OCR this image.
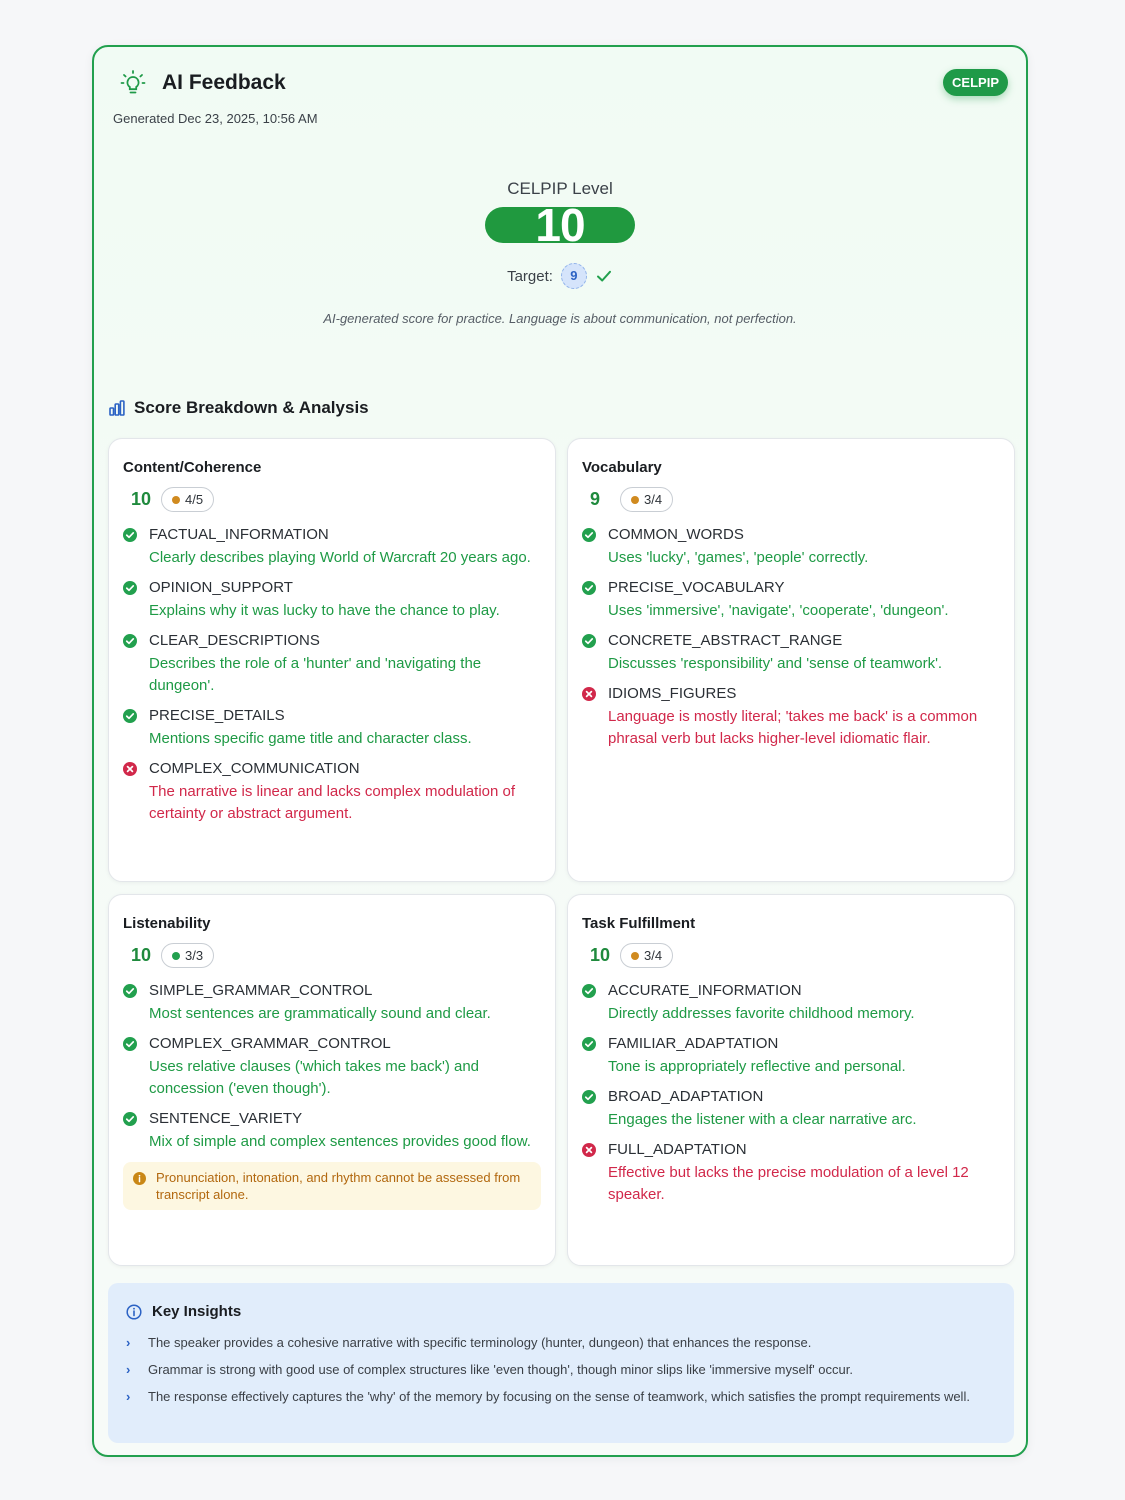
AI Feedback
Generated Dec 23, 2025, 10:56 AM
CELPIP
CELPIP Level
10
Target:	9
AI-generated score for practice. Language is about communication, not perfection.
Score Breakdown & Analysis
Content/Coherence
10	4/5
FACTUAL_INFORMATION
Clearly describes playing World of Warcraft 20 years ago.
OPINION_SUPPORT
Explains why it was lucky to have the chance to play.
CLEAR_DESCRIPTIONS
Describes the role of a 'hunter' and 'navigating the dungeon'.
PRECISE_DETAILS
Mentions specific game title and character class.
COMPLEX_COMMUNICATION
The narrative is linear and lacks complex modulation of certainty or abstract argument.
Vocabulary
9	3/4
COMMON_WORDS
Uses 'lucky', 'games', 'people' correctly.
PRECISE_VOCABULARY
Uses 'immersive', 'navigate', 'cooperate', 'dungeon'.
CONCRETE_ABSTRACT_RANGE
Discusses 'responsibility' and 'sense of teamwork'.
IDIOMS_FIGURES
Language is mostly literal; 'takes me back' is a common phrasal verb but lacks higher-level idiomatic flair.
Listenability
10	3/3
SIMPLE_GRAMMAR_CONTROL
Most sentences are grammatically sound and clear.
COMPLEX_GRAMMAR_CONTROL
Uses relative clauses ('which takes me back') and concession ('even though').
SENTENCE_VARIETY
Mix of simple and complex sentences provides good flow.
Pronunciation, intonation, and rhythm cannot be assessed from transcript alone.
Task Fulfillment
10	3/4
ACCURATE_INFORMATION
Directly addresses favorite childhood memory.
FAMILIAR_ADAPTATION
Tone is appropriately reflective and personal.
BROAD_ADAPTATION
Engages the listener with a clear narrative arc.
FULL_ADAPTATION
Effective but lacks the precise modulation of a level 12 speaker.
Key Insights
› The speaker provides a cohesive narrative with specific terminology (hunter, dungeon) that enhances the response.
› Grammar is strong with good use of complex structures like 'even though', though minor slips like 'immersive myself' occur.
› The response effectively captures the 'why' of the memory by focusing on the sense of teamwork, which satisfies the prompt requirements well.
